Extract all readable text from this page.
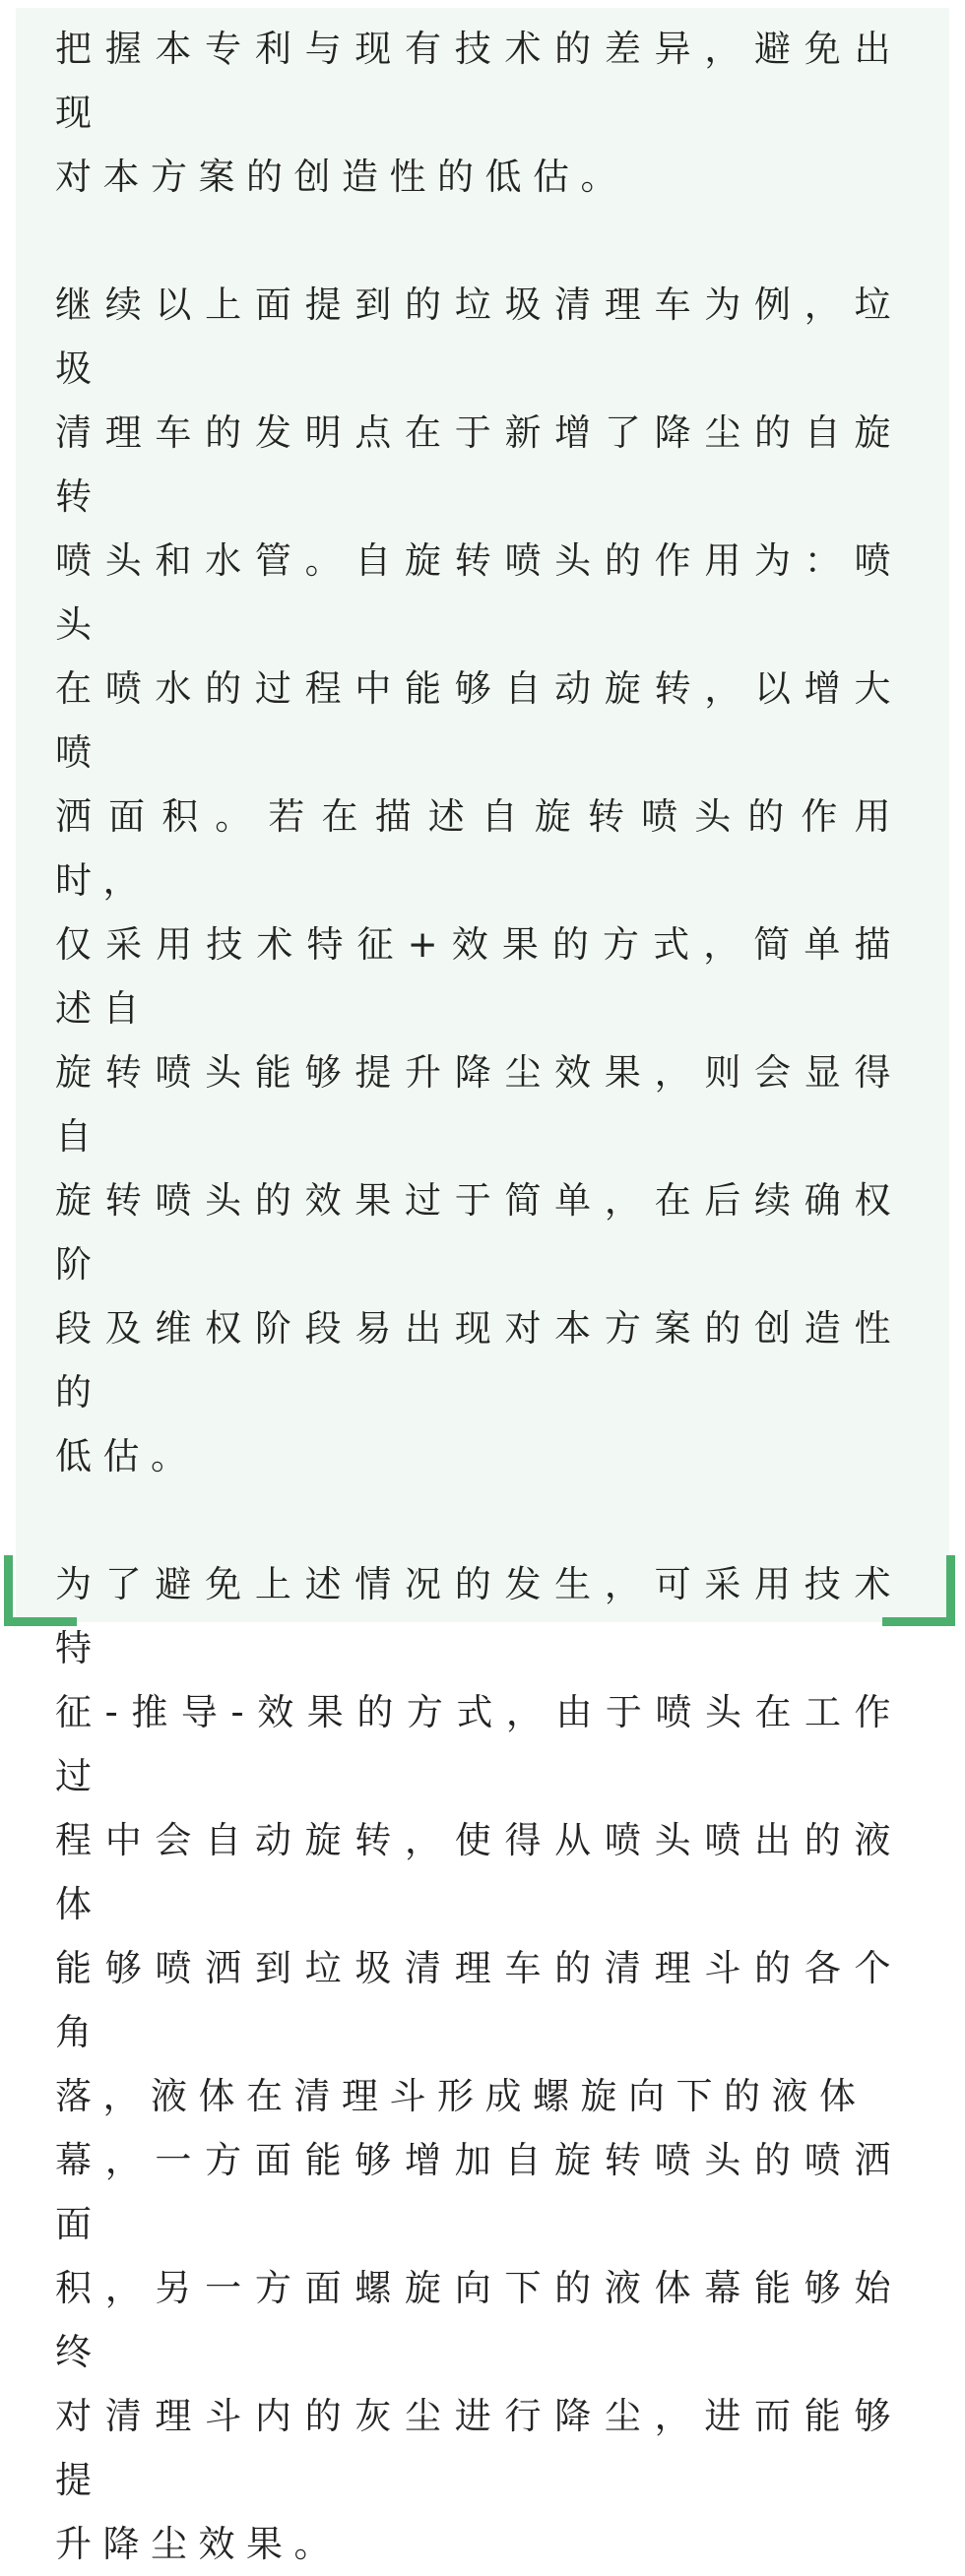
把握本专利与现有技术的差异，避免出现
对本方案的创造性的低估。

继续以上面提到的垃圾清理车为例，垃圾
清理车的发明点在于新增了降尘的自旋转
喷头和水管。自旋转喷头的作用为：喷头
在喷水的过程中能够自动旋转，以增大喷
洒面积。若在描述自旋转喷头的作用时，
仅采用技术特征+效果的方式，简单描述自
旋转喷头能够提升降尘效果，则会显得自
旋转喷头的效果过于简单，在后续确权阶
段及维权阶段易出现对本方案的创造性的
低估。

为了避免上述情况的发生，可采用技术特
征-推导-效果的方式，由于喷头在工作过
程中会自动旋转，使得从喷头喷出的液体
能够喷洒到垃圾清理车的清理斗的各个角
落，液体在清理斗形成螺旋向下的液体
幕，一方面能够增加自旋转喷头的喷洒面
积，另一方面螺旋向下的液体幕能够始终
对清理斗内的灰尘进行降尘，进而能够提
升降尘效果。
